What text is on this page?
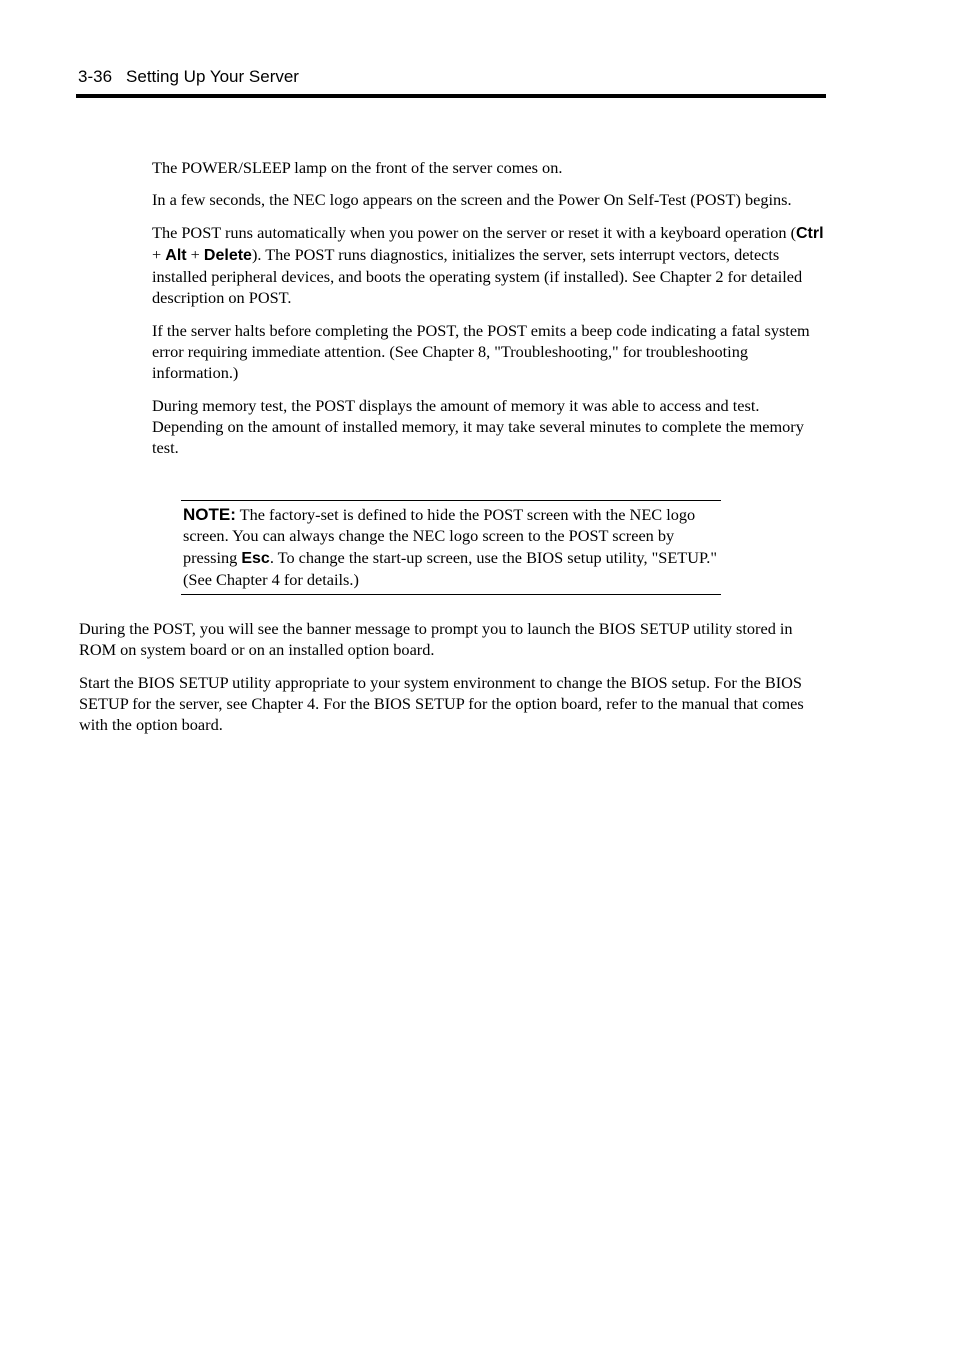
3-36 Setting Up Your Server

The POWER/SLEEP lamp on the front of the server comes on.

In a few seconds, the NEC logo appears on the screen and the Power On Self-Test (POST) begins.

The POST runs automatically when you power on the server or reset it with a keyboard operation (Ctrl + Alt + Delete). The POST runs diagnostics, initializes the server, sets interrupt vectors, detects installed peripheral devices, and boots the operating system (if installed). See Chapter 2 for detailed description on POST.

If the server halts before completing the POST, the POST emits a beep code indicating a fatal system error requiring immediate attention. (See Chapter 8, "Troubleshooting," for troubleshooting information.)

During memory test, the POST displays the amount of memory it was able to access and test. Depending on the amount of installed memory, it may take several minutes to complete the memory test.

NOTE: The factory-set is defined to hide the POST screen with the NEC logo screen. You can always change the NEC logo screen to the POST screen by pressing Esc. To change the start-up screen, use the BIOS setup utility, "SETUP." (See Chapter 4 for details.)

During the POST, you will see the banner message to prompt you to launch the BIOS SETUP utility stored in ROM on system board or on an installed option board.

Start the BIOS SETUP utility appropriate to your system environment to change the BIOS setup. For the BIOS SETUP for the server, see Chapter 4. For the BIOS SETUP for the option board, refer to the manual that comes with the option board.
